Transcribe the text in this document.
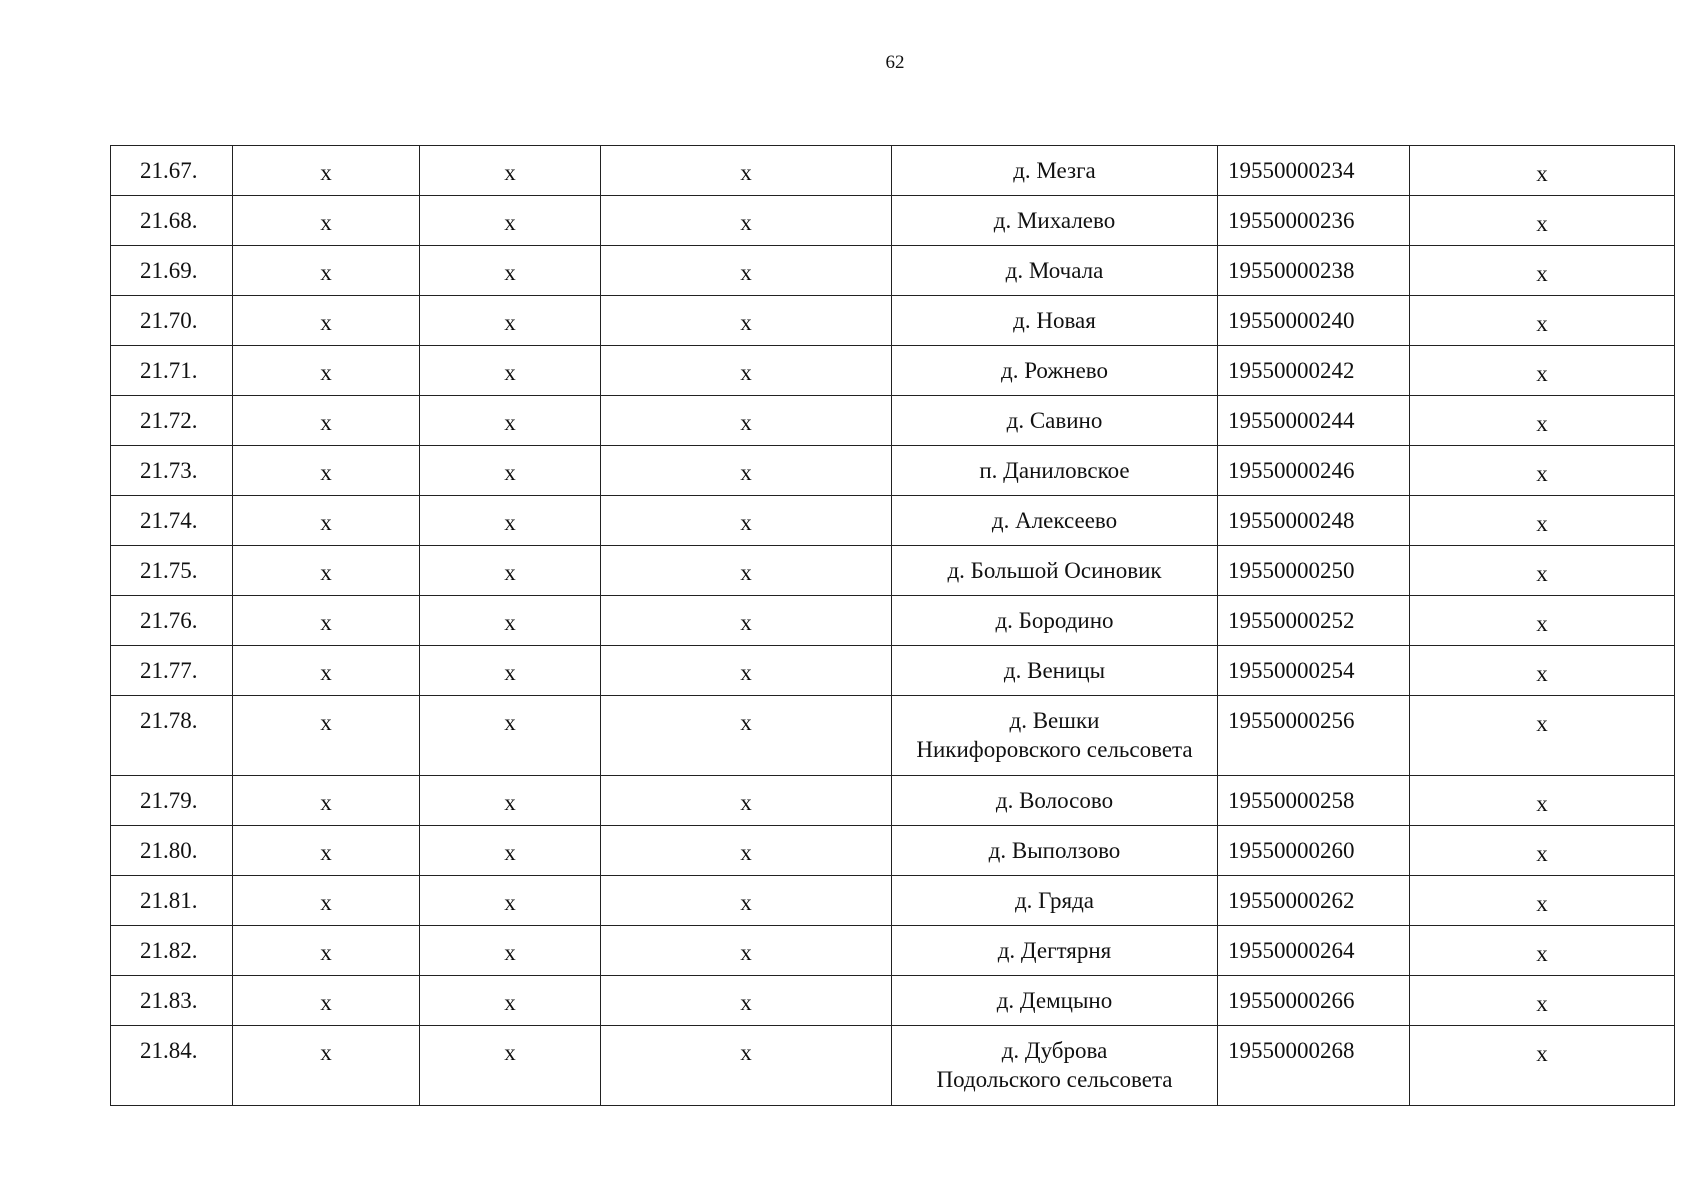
62
21.67.	x	x	x	д. Мезга	19550000234	x

21.68.	x	x	x	д. Михалево	19550000236	x

21.69.	x	x	x	д. Мочала	19550000238	x

21.70.	x	x	x	д. Новая	19550000240	x

21.71.	x	x	x	д. Рожнево	19550000242	x

21.72.	x	x	x	д. Савино	19550000244	x

21.73.	x	x	x	п. Даниловское	19550000246	x

21.74.	x	x	x	д. Алексеево	19550000248	x

21.75.	x	x	x	д. Большой Осиновик	19550000250	x

21.76.	x	x	x	д. Бородино	19550000252	x

21.77.	x	x	x	д. Веницы	19550000254	x

21.78.	x	x	x	д. Вешки
Никифоровского сельсовета	19550000256	x

21.79.	x	x	x	д. Волосово	19550000258	x

21.80.	x	x	x	д. Выползово	19550000260	x

21.81.	x	x	x	д. Гряда	19550000262	x

21.82.	x	x	x	д. Дегтярня	19550000264	x

21.83.	x	x	x	д. Демцыно	19550000266	x

21.84.	x	x	x	д. Дуброва
Подольского сельсовета	19550000268	x
